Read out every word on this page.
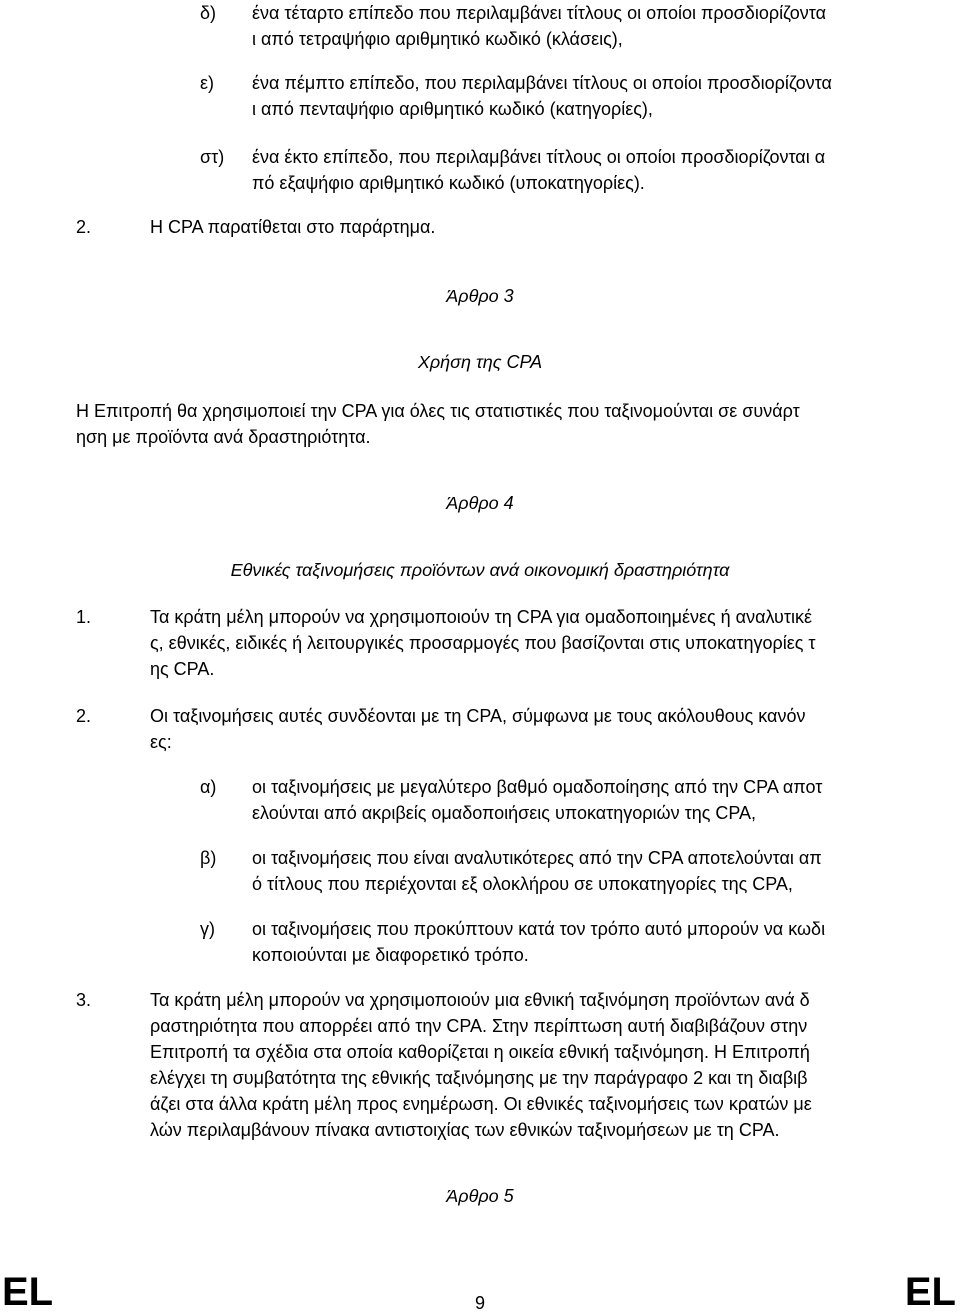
δ) ένα τέταρτο επίπεδο που περιλαμβάνει τίτλους οι οποίοι προσδιορίζοντα
ι από τετραψήφιο αριθμητικό κωδικό (κλάσεις),
ε) ένα πέμπτο επίπεδο, που περιλαμβάνει τίτλους οι οποίοι προσδιορίζοντα
ι από πενταψήφιο αριθμητικό κωδικό (κατηγορίες),
στ) ένα έκτο επίπεδο, που περιλαμβάνει τίτλους οι οποίοι προσδιορίζονται α
πό εξαψήφιο αριθμητικό κωδικό (υποκατηγορίες).
2.	Η CPA παρατίθεται στο παράρτημα.
Άρθρο 3
Χρήση της CPA
Η Επιτροπή θα χρησιμοποιεί την CPA για όλες τις στατιστικές που ταξινομούνται σε συνάρτ
ηση με προϊόντα ανά δραστηριότητα.
Άρθρο 4
Εθνικές ταξινομήσεις προϊόντων ανά οικονομική δραστηριότητα
1.	Τα κράτη μέλη μπορούν να χρησιμοποιούν τη CPA για ομαδοποιημένες ή αναλυτικέ
ς, εθνικές, ειδικές ή λειτουργικές προσαρμογές που βασίζονται στις υποκατηγορίες τ
ης CPA.
2.	Οι ταξινομήσεις αυτές συνδέονται με τη CPA, σύμφωνα με τους ακόλουθους κανόν
ες:
α) οι ταξινομήσεις με μεγαλύτερο βαθμό ομαδοποίησης από την CPA αποτ
ελούνται από ακριβείς ομαδοποιήσεις υποκατηγοριών της CPA,
β) οι ταξινομήσεις που είναι αναλυτικότερες από την CPA αποτελούνται απ
ό τίτλους που περιέχονται εξ ολοκλήρου σε υποκατηγορίες της CPA,
γ) οι ταξινομήσεις που προκύπτουν κατά τον τρόπο αυτό μπορούν να κωδι
κοποιούνται με διαφορετικό τρόπο.
3.	Τα κράτη μέλη μπορούν να χρησιμοποιούν μια εθνική ταξινόμηση προϊόντων ανά δ
ραστηριότητα που απορρέει από την CPA. Στην περίπτωση αυτή διαβιβάζουν στην
Επιτροπή τα σχέδια στα οποία καθορίζεται η οικεία εθνική ταξινόμηση. Η Επιτροπή
ελέγχει τη συμβατότητα της εθνικής ταξινόμησης με την παράγραφο 2 και τη διαβιβ
άζει στα άλλα κράτη μέλη προς ενημέρωση. Οι εθνικές ταξινομήσεις των κρατών με
λών περιλαμβάνουν πίνακα αντιστοιχίας των εθνικών ταξινομήσεων με τη CPA.
Άρθρο 5
EL	9	EL
